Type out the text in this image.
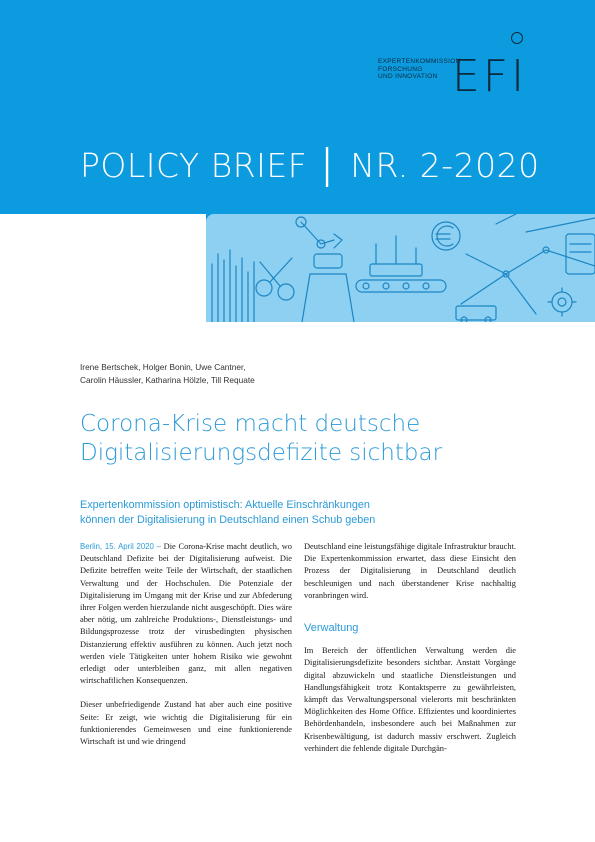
EXPERTENKOMMISSION
FORSCHUNG
UND INNOVATION EFI
POLICY BRIEF │ NR. 2-2020
Irene Bertschek, Holger Bonin, Uwe Cantner,
Carolin Häussler, Katharina Hölzle, Till Requate
Corona-Krise macht deutsche
Digitalisierungsdefizite sichtbar
Expertenkommission optimistisch: Aktuelle Einschränkungen
können der Digitalisierung in Deutschland einen Schub geben

Berlin, 15. April 2020 – Die Corona-Krise macht deutlich, wo Deutschland Defizite bei der Digitalisierung aufweist. Die Defizite betreffen weite Teile der Wirtschaft, der staatlichen Verwaltung und der Hochschulen. Die Potenziale der Digitalisierung im Umgang mit der Krise und zur Abfederung ihrer Folgen werden hierzulande nicht ausgeschöpft. Dies wäre aber nötig, um zahlreiche Produktions-, Dienstleistungs- und Bildungsprozesse trotz der virusbedingten physischen Distanzierung effektiv ausführen zu können. Auch jetzt noch werden viele Tätigkeiten unter hohem Risiko wie gewohnt erledigt oder unterbleiben ganz, mit allen negativen wirtschaftlichen Konsequenzen.

Dieser unbefriedigende Zustand hat aber auch eine positive Seite: Er zeigt, wie wichtig die Digitalisierung für ein funktionierendes Gemeinwesen und eine funktionierende Wirtschaft ist und wie dringend

Deutschland eine leistungsfähige digitale Infrastruktur braucht. Die Expertenkommission erwartet, dass diese Einsicht den Prozess der Digitalisierung in Deutschland deutlich beschleunigen und nach überstandener Krise nachhaltig voranbringen wird.

Verwaltung

Im Bereich der öffentlichen Verwaltung werden die Digitalisierungsdefizite besonders sichtbar. Anstatt Vorgänge digital abzuwickeln und staatliche Dienstleistungen und Handlungsfähigkeit trotz Kontaktsperre zu gewährleisten, kämpft das Verwaltungspersonal vielerorts mit beschränkten Möglichkeiten des Home Office. Effizientes und koordiniertes Behördenhandeln, insbesondere auch bei Maßnahmen zur Krisenbewältigung, ist dadurch massiv erschwert. Zugleich verhindert die fehlende digitale Durchgän-
